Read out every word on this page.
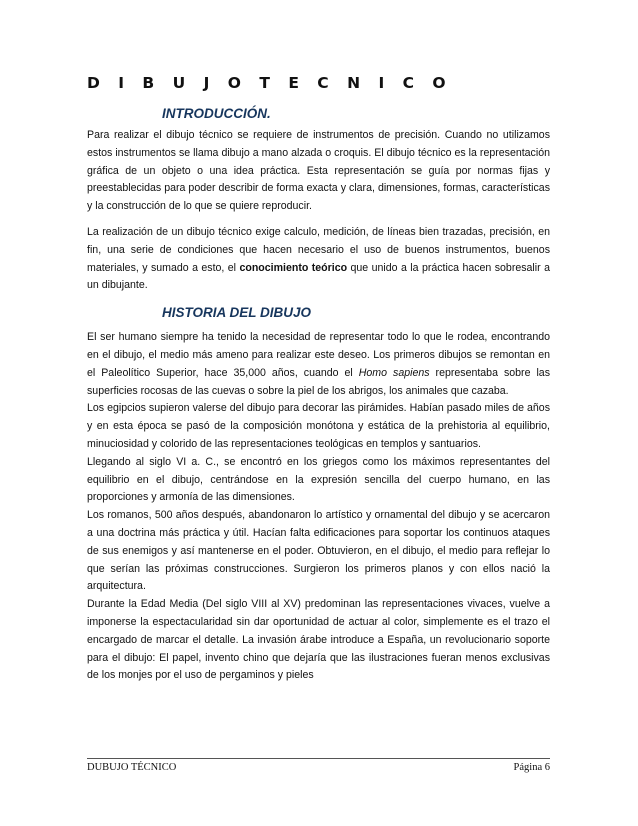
D I B U J O T E C N I C O
INTRODUCCIÓN.

Para realizar el dibujo técnico se requiere de instrumentos de precisión. Cuando no utilizamos estos instrumentos se llama dibujo a mano alzada o croquis. El dibujo técnico es la representación gráfica de un objeto o una idea práctica. Esta representación se guía por normas fijas y preestablecidas para poder describir de forma exacta y clara, dimensiones, formas, características y la construcción de lo que se quiere reproducir.

La realización de un dibujo técnico exige calculo, medición, de líneas bien trazadas, precisión, en fin, una serie de condiciones que hacen necesario el uso de buenos instrumentos, buenos materiales, y sumado a esto, el conocimiento teórico que unido a la práctica hacen sobresalir a un dibujante.

HISTORIA DEL DIBUJO

El ser humano siempre ha tenido la necesidad de representar todo lo que le rodea, encontrando en el dibujo, el medio más ameno para realizar este deseo. Los primeros dibujos se remontan en el Paleolítico Superior, hace 35,000 años, cuando el Homo sapiens representaba sobre las superficies rocosas de las cuevas o sobre la piel de los abrigos, los animales que cazaba.

Los egipcios supieron valerse del dibujo para decorar las pirámides. Habían pasado miles de años y en esta época se pasó de la composición monótona y estática de la prehistoria al equilibrio, minuciosidad y colorido de las representaciones teológicas en templos y santuarios.

Llegando al siglo VI a. C., se encontró en los griegos como los máximos representantes del equilibrio en el dibujo, centrándose en la expresión sencilla del cuerpo humano, en las proporciones y armonía de las dimensiones.

Los romanos, 500 años después, abandonaron lo artístico y ornamental del dibujo y se acercaron a una doctrina más práctica y útil. Hacían falta edificaciones para soportar los continuos ataques de sus enemigos y así mantenerse en el poder. Obtuvieron, en el dibujo, el medio para reflejar lo que serían las próximas construcciones. Surgieron los primeros planos y con ellos nació la arquitectura.

Durante la Edad Media (Del siglo VIII al XV) predominan las representaciones vivaces, vuelve a imponerse la espectacularidad sin dar oportunidad de actuar al color, simplemente es el trazo el encargado de marcar el detalle. La invasión árabe introduce a España, un revolucionario soporte para el dibujo: El papel, invento chino que dejaría que las ilustraciones fueran menos exclusivas de los monjes por el uso de pergaminos y pieles

DUBUJO TÉCNICO	Página 6
